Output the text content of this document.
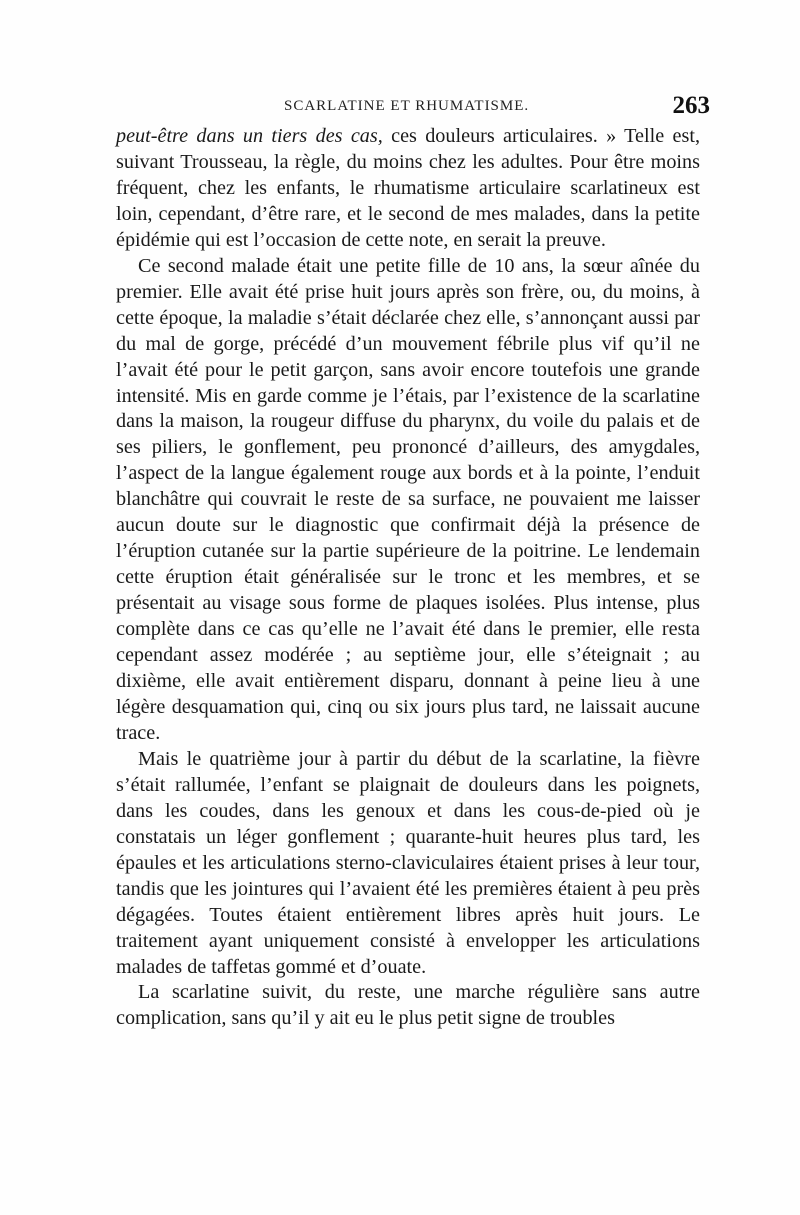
SCARLATINE ET RHUMATISME.	263

peut-être dans un tiers des cas, ces douleurs articulaires. » Telle est, suivant Trousseau, la règle, du moins chez les adultes. Pour être moins fréquent, chez les enfants, le rhumatisme articulaire scarlatineux est loin, cependant, d’être rare, et le second de mes malades, dans la petite épidémie qui est l’occasion de cette note, en serait la preuve.

Ce second malade était une petite fille de 10 ans, la sœur aînée du premier. Elle avait été prise huit jours après son frère, ou, du moins, à cette époque, la maladie s’était déclarée chez elle, s’annonçant aussi par du mal de gorge, précédé d’un mouvement fébrile plus vif qu’il ne l’avait été pour le petit garçon, sans avoir encore toutefois une grande intensité. Mis en garde comme je l’étais, par l’existence de la scarlatine dans la maison, la rougeur diffuse du pharynx, du voile du palais et de ses piliers, le gonflement, peu prononcé d’ailleurs, des amygdales, l’aspect de la langue également rouge aux bords et à la pointe, l’enduit blanchâtre qui couvrait le reste de sa surface, ne pouvaient me laisser aucun doute sur le diagnostic que confirmait déjà la présence de l’éruption cutanée sur la partie supérieure de la poitrine. Le lendemain cette éruption était généralisée sur le tronc et les membres, et se présentait au visage sous forme de plaques isolées. Plus intense, plus complète dans ce cas qu’elle ne l’avait été dans le premier, elle resta cependant assez modérée ; au septième jour, elle s’éteignait ; au dixième, elle avait entièrement disparu, donnant à peine lieu à une légère desquamation qui, cinq ou six jours plus tard, ne laissait aucune trace.

Mais le quatrième jour à partir du début de la scarlatine, la fièvre s’était rallumée, l’enfant se plaignait de douleurs dans les poignets, dans les coudes, dans les genoux et dans les cous-de-pied où je constatais un léger gonflement ; quarante-huit heures plus tard, les épaules et les articulations sterno-claviculaires étaient prises à leur tour, tandis que les jointures qui l’avaient été les premières étaient à peu près dégagées. Toutes étaient entièrement libres après huit jours. Le traitement ayant uniquement consisté à envelopper les articulations malades de taffetas gommé et d’ouate.

La scarlatine suivit, du reste, une marche régulière sans autre complication, sans qu’il y ait eu le plus petit signe de troubles
